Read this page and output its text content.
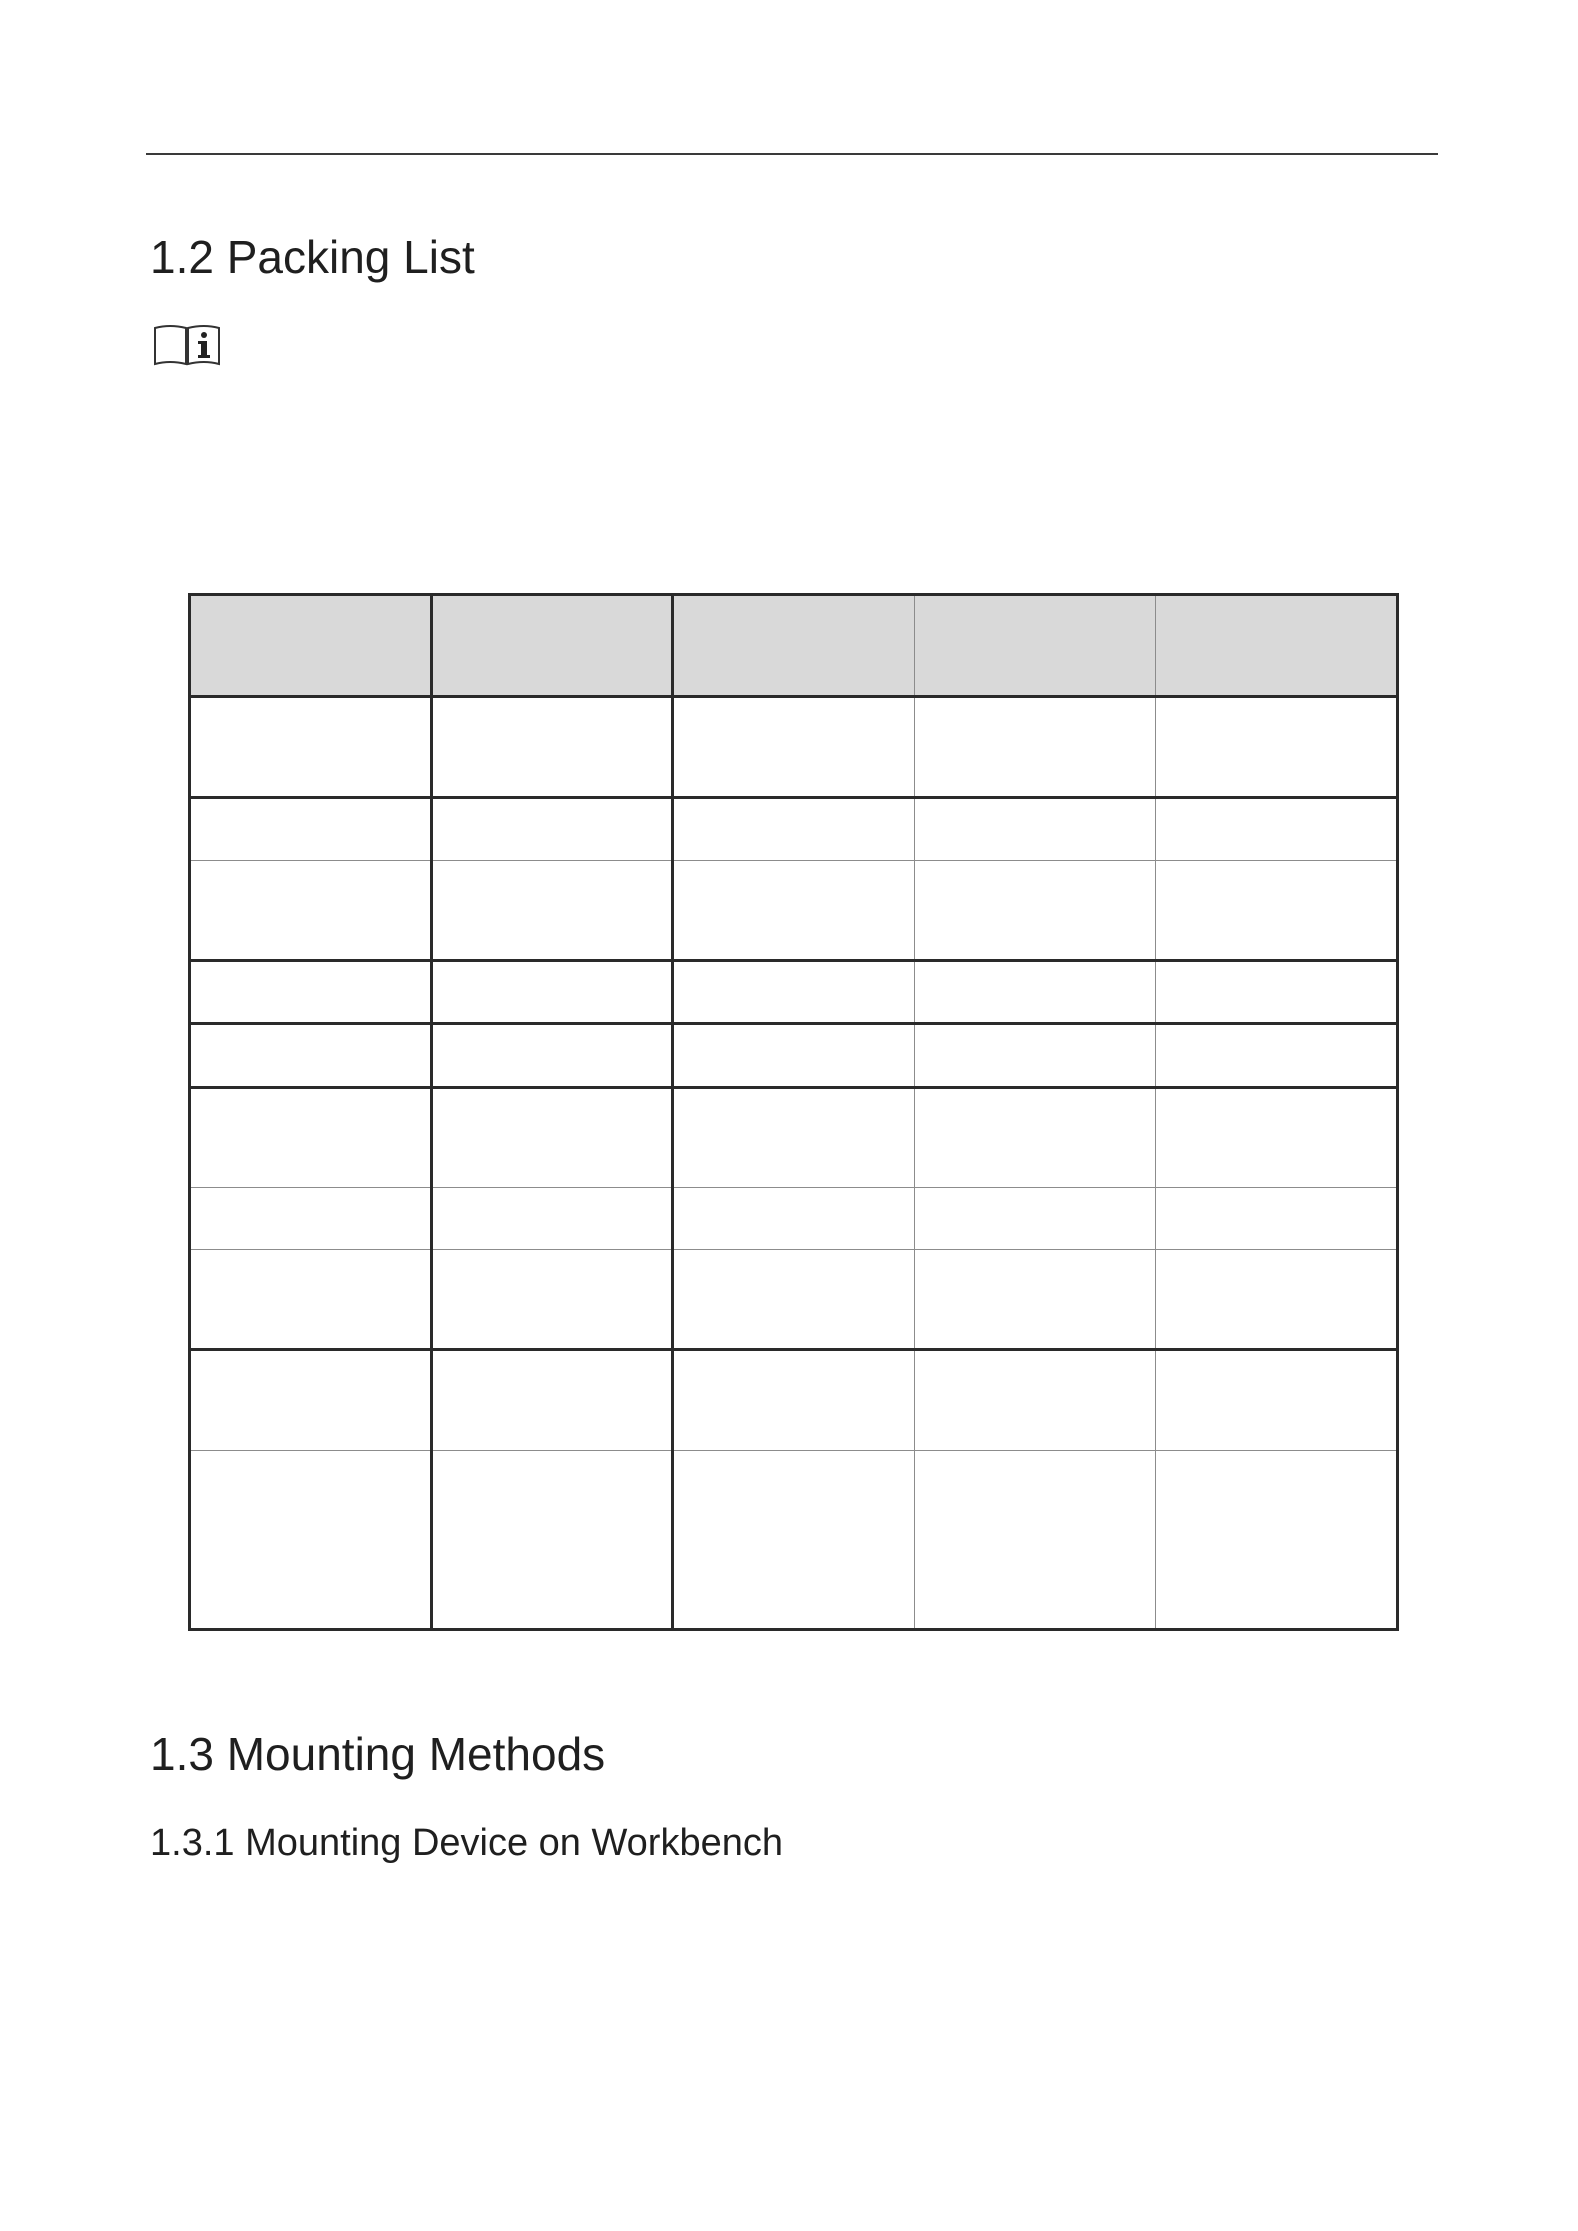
1.2 Packing List

1.3 Mounting Methods
1.3.1 Mounting Device on Workbench
